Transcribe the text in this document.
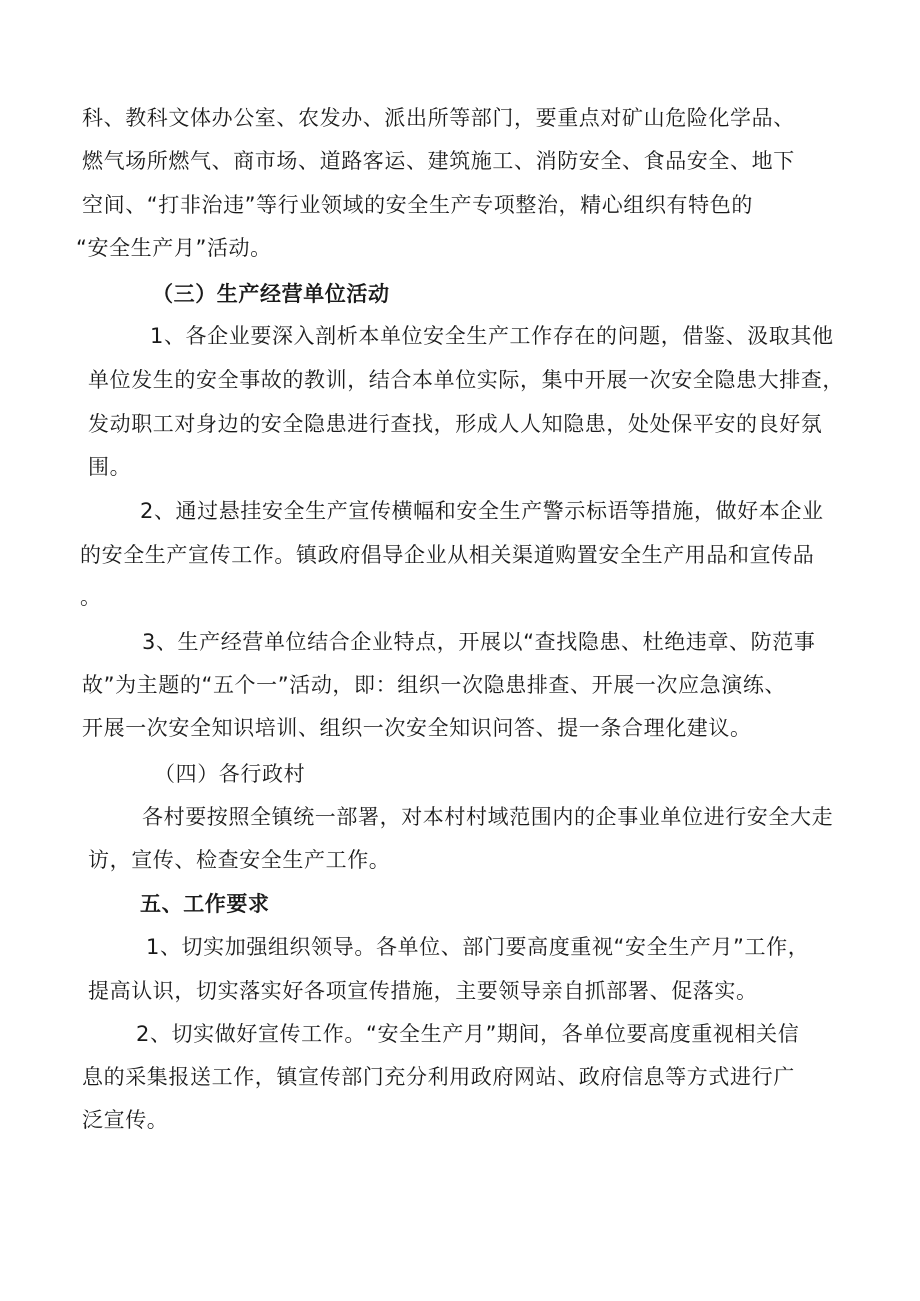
科、教科文体办公室、农发办、派出所等部门，要重点对矿山危险化学品、
燃气场所燃气、商市场、道路客运、建筑施工、消防安全、食品安全、地下
空间、“打非治违”等行业领域的安全生产专项整治，精心组织有特色的
“安全生产月”活动。
（三）生产经营单位活动
1、各企业要深入剖析本单位安全生产工作存在的问题，借鉴、汲取其他
单位发生的安全事故的教训，结合本单位实际，集中开展一次安全隐患大排查，
发动职工对身边的安全隐患进行查找，形成人人知隐患，处处保平安的良好氛
围。
2、通过悬挂安全生产宣传横幅和安全生产警示标语等措施，做好本企业
的安全生产宣传工作。镇政府倡导企业从相关渠道购置安全生产用品和宣传品
。
3、生产经营单位结合企业特点，开展以“查找隐患、杜绝违章、防范事
故”为主题的“五个一”活动，即：组织一次隐患排查、开展一次应急演练、
开展一次安全知识培训、组织一次安全知识问答、提一条合理化建议。
（四）各行政村
各村要按照全镇统一部署，对本村村域范围内的企事业单位进行安全大走
访，宣传、检查安全生产工作。
五、工作要求
1、切实加强组织领导。各单位、部门要高度重视“安全生产月”工作，
提高认识，切实落实好各项宣传措施，主要领导亲自抓部署、促落实。
2、切实做好宣传工作。“安全生产月”期间，各单位要高度重视相关信
息的采集报送工作，镇宣传部门充分利用政府网站、政府信息等方式进行广
泛宣传。
